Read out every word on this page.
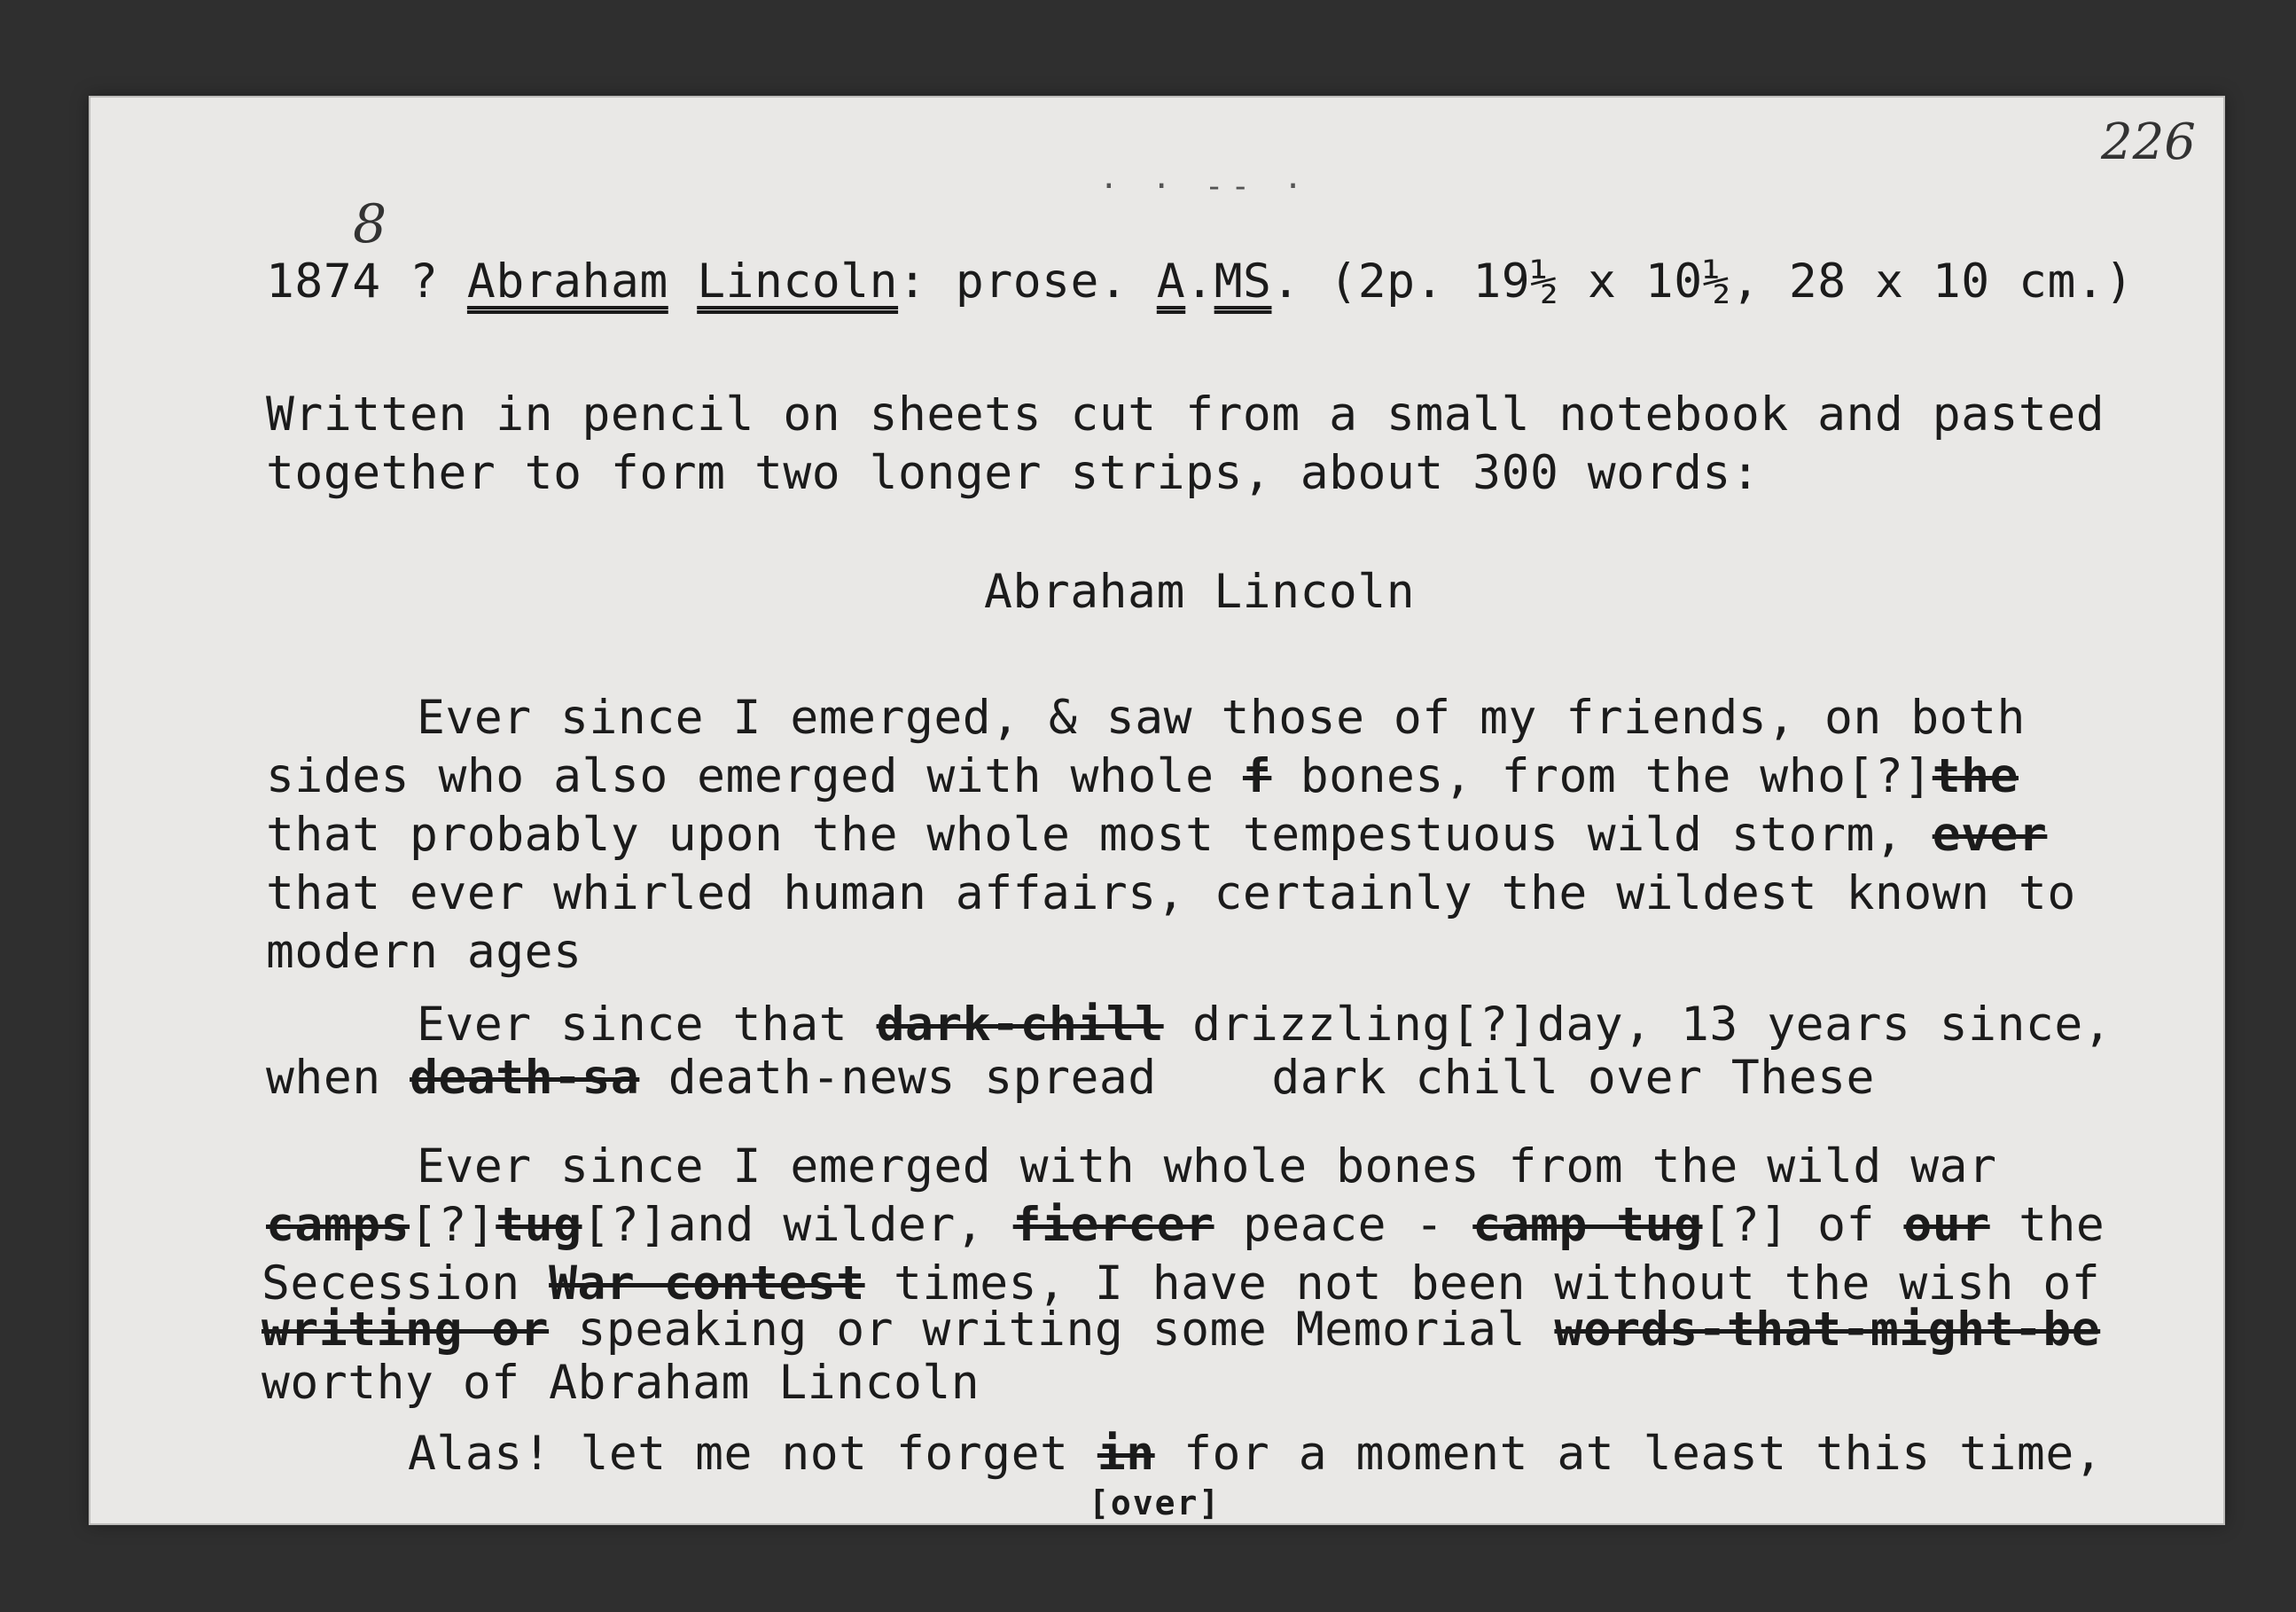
· · -- ·
226
8
1874 ? Abraham Lincoln: prose. A.MS. (2p. 19½ x 10½, 28 x 10 cm.)
Written in pencil on sheets cut from a small notebook and pasted
together to form two longer strips, about 300 words:
Abraham Lincoln
Ever since I emerged, & saw those of my friends, on both
sides who also emerged with whole f bones, from the who[?]the
that probably upon the whole most tempestuous wild storm, ever
that ever whirled human affairs, certainly the wildest known to
modern ages
Ever since that dark-chill drizzling[?]day, 13 years since,
when death-sa death-news spread    dark chill over These
Ever since I emerged with whole bones from the wild war
camps[?]tug[?]and wilder, fiercer peace - camp tug[?] of our the
Secession War contest times, I have not been without the wish of
writing or speaking or writing some Memorial words-that-might-be
worthy of Abraham Lincoln
Alas! let me not forget in for a moment at least this time,
[over]
